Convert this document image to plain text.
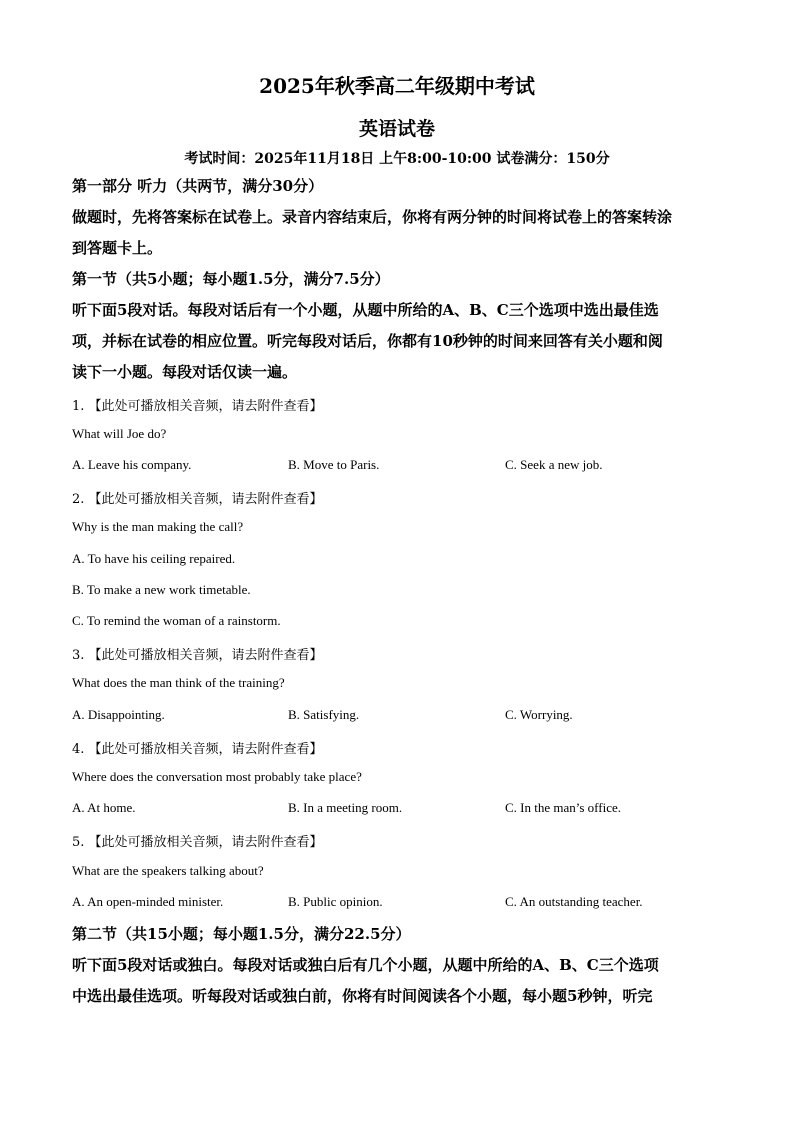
2025年秋季高二年级期中考试
英语试卷
考试时间：2025年11月18日 上午8:00-10:00 试卷满分：150分
第一部分 听力（共两节，满分30分）
做题时，先将答案标在试卷上。录音内容结束后，你将有两分钟的时间将试卷上的答案转涂
到答题卡上。
第一节（共5小题；每小题1.5分，满分7.5分）
听下面5段对话。每段对话后有一个小题，从题中所给的A、B、C三个选项中选出最佳选
项，并标在试卷的相应位置。听完每段对话后，你都有10秒钟的时间来回答有关小题和阅
读下一小题。每段对话仅读一遍。
1. 【此处可播放相关音频，请去附件查看】
What will Joe do?
A. Leave his company.	B. Move to Paris.	C. Seek a new job.
2. 【此处可播放相关音频，请去附件查看】
Why is the man making the call?
A. To have his ceiling repaired.
B. To make a new work timetable.
C. To remind the woman of a rainstorm.
3. 【此处可播放相关音频，请去附件查看】
What does the man think of the training?
A. Disappointing.	B. Satisfying.	C. Worrying.
4. 【此处可播放相关音频，请去附件查看】
Where does the conversation most probably take place?
A. At home.	B. In a meeting room.	C. In the man’s office.
5. 【此处可播放相关音频，请去附件查看】
What are the speakers talking about?
A. An open-minded minister.	B. Public opinion.	C. An outstanding teacher.
第二节（共15小题；每小题1.5分，满分22.5分）
听下面5段对话或独白。每段对话或独白后有几个小题，从题中所给的A、B、C三个选项
中选出最佳选项。听每段对话或独白前，你将有时间阅读各个小题，每小题5秒钟，听完
